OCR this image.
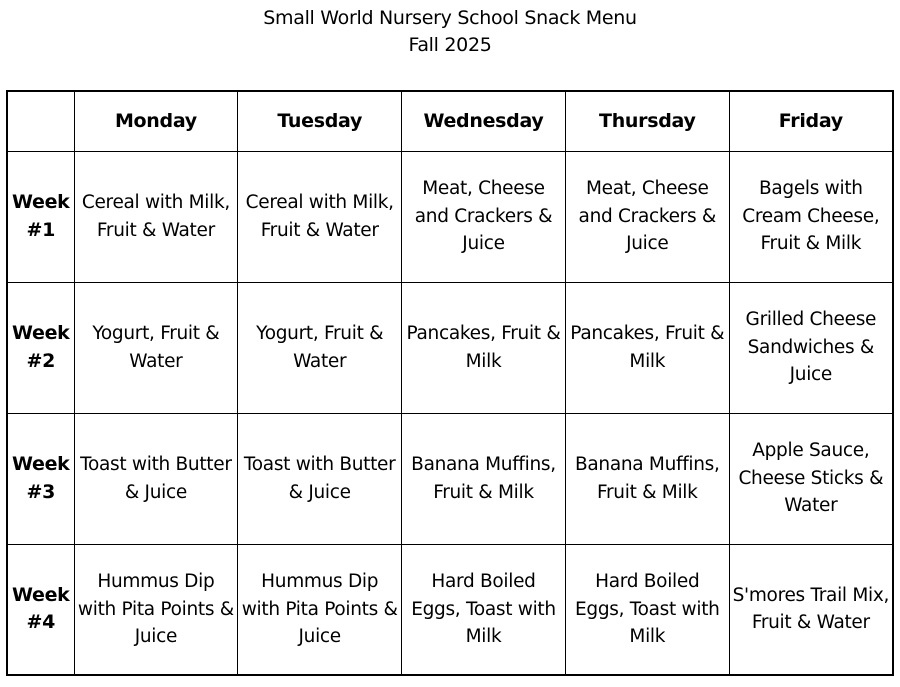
Small World Nursery School Snack Menu
Fall 2025
	Monday	Tuesday	Wednesday	Thursday	Friday
Week #1	Cereal with Milk, Fruit & Water	Cereal with Milk, Fruit & Water	Meat, Cheese and Crackers & Juice	Meat, Cheese and Crackers & Juice	Bagels with Cream Cheese, Fruit & Milk
Week #2	Yogurt, Fruit & Water	Yogurt, Fruit & Water	Pancakes, Fruit & Milk	Pancakes, Fruit & Milk	Grilled Cheese Sandwiches & Juice
Week #3	Toast with Butter & Juice	Toast with Butter & Juice	Banana Muffins, Fruit & Milk	Banana Muffins, Fruit & Milk	Apple Sauce, Cheese Sticks & Water
Week #4	Hummus Dip with Pita Points & Juice	Hummus Dip with Pita Points & Juice	Hard Boiled Eggs, Toast with Milk	Hard Boiled Eggs, Toast with Milk	S'mores Trail Mix, Fruit & Water
